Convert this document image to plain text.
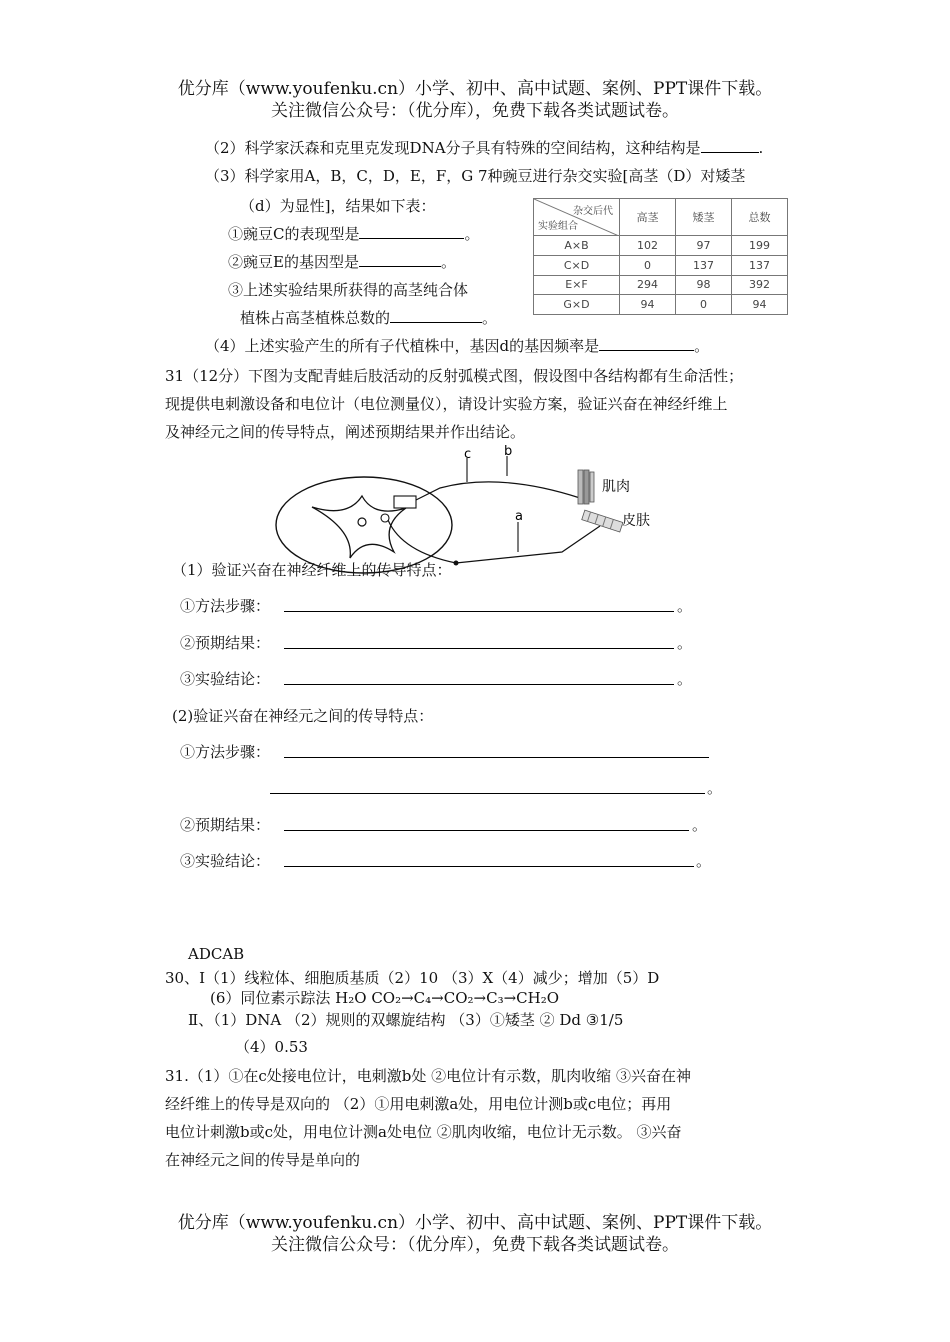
优分库（www.youfenku.cn）小学、初中、高中试题、案例、PPT课件下载。
关注微信公众号：（优分库），免费下载各类试题试卷。
（2）科学家沃森和克里克发现DNA分子具有特殊的空间结构，这种结构是	.
（3）科学家用A，B，C，D，E，F，G 7种豌豆进行杂交实验[高茎（D）对矮茎
（d）为显性]，结果如下表：
①豌豆C的表现型是	。
②豌豆E的基因型是	。
③上述实验结果所获得的高茎纯合体
植株占高茎植株总数的	。
（4）上述实验产生的所有子代植株中，基因d的基因频率是	。
杂交后代
实验组合	高茎	矮茎	总数
A×B	102	97	199
C×D	0	137	137
E×F	294	98	392
G×D	94	0	94
31（12分）下图为支配青蛙后肢活动的反射弧模式图，假设图中各结构都有生命活性；
现提供电刺激设备和电位计（电位测量仪），请设计实验方案，验证兴奋在神经纤维上
及神经元之间的传导特点，阐述预期结果并作出结论。
c	b
a
肌肉
皮肤
（1）验证兴奋在神经纤维上的传导特点：
①方法步骤：	。
②预期结果：	。
③实验结论：	。
(2)验证兴奋在神经元之间的传导特点：
①方法步骤：
。
②预期结果：	。
③实验结论：	。
ADCAB
30、Ⅰ（1）线粒体、细胞质基质（2）10 （3）X（4）减少；增加（5）D
(6）同位素示踪法 H₂O CO₂→C₄→CO₂→C₃→CH₂O
Ⅱ、（1）DNA （2）规则的双螺旋结构 （3）①矮茎 ② Dd ③1/5
（4）0.53
31.（1）①在c处接电位计，电刺激b处 ②电位计有示数，肌肉收缩 ③兴奋在神
经纤维上的传导是双向的 （2）①用电刺激a处，用电位计测b或c电位；再用
电位计刺激b或c处，用电位计测a处电位 ②肌肉收缩，电位计无示数。 ③兴奋
在神经元之间的传导是单向的
优分库（www.youfenku.cn）小学、初中、高中试题、案例、PPT课件下载。
关注微信公众号：（优分库），免费下载各类试题试卷。
